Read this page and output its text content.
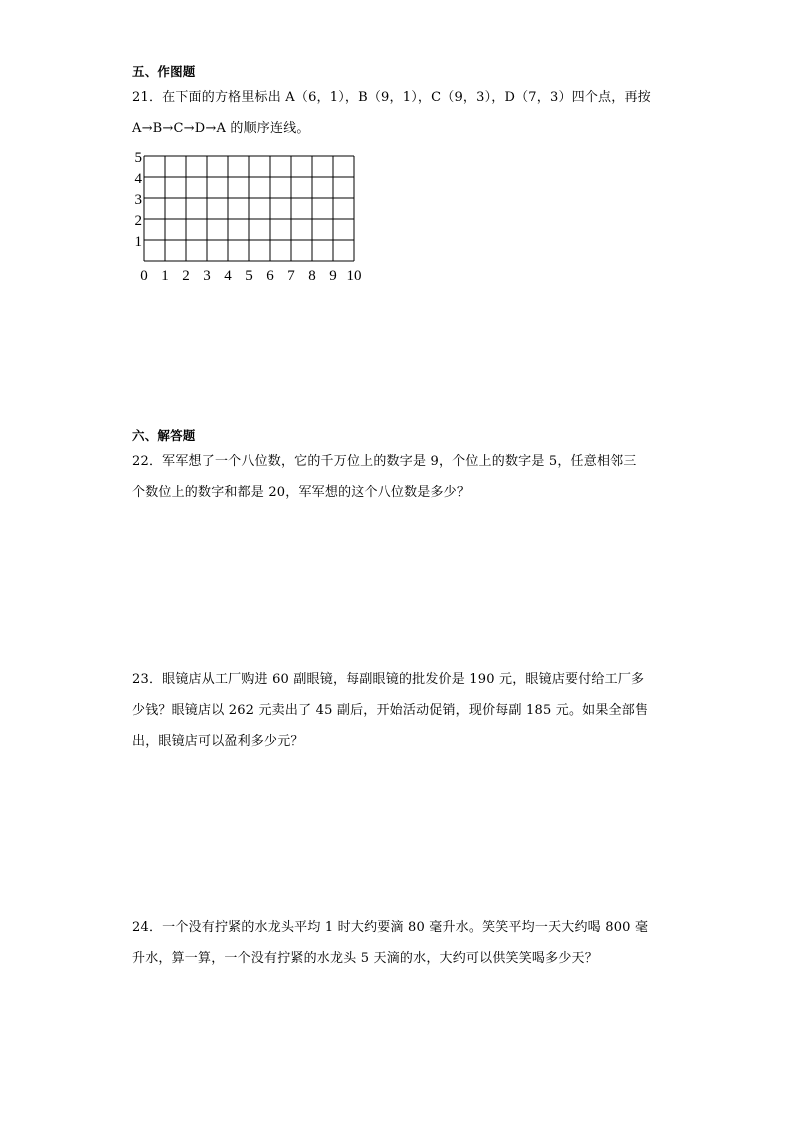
五、作图题
21．在下面的方格里标出 A（6，1），B（9，1），C（9，3），D（7，3）四个点，再按
A→B→C→D→A 的顺序连线。
0 1 2 3 4 5 6 7 8 9 10
1
2
3
4
5
六、解答题
22．军军想了一个八位数，它的千万位上的数字是 9，个位上的数字是 5，任意相邻三
个数位上的数字和都是 20，军军想的这个八位数是多少？
23．眼镜店从工厂购进 60 副眼镜，每副眼镜的批发价是 190 元，眼镜店要付给工厂多
少钱？眼镜店以 262 元卖出了 45 副后，开始活动促销，现价每副 185 元。如果全部售
出，眼镜店可以盈利多少元？
24．一个没有拧紧的水龙头平均 1 时大约要滴 80 毫升水。笑笑平均一天大约喝 800 毫
升水，算一算，一个没有拧紧的水龙头 5 天滴的水，大约可以供笑笑喝多少天？
